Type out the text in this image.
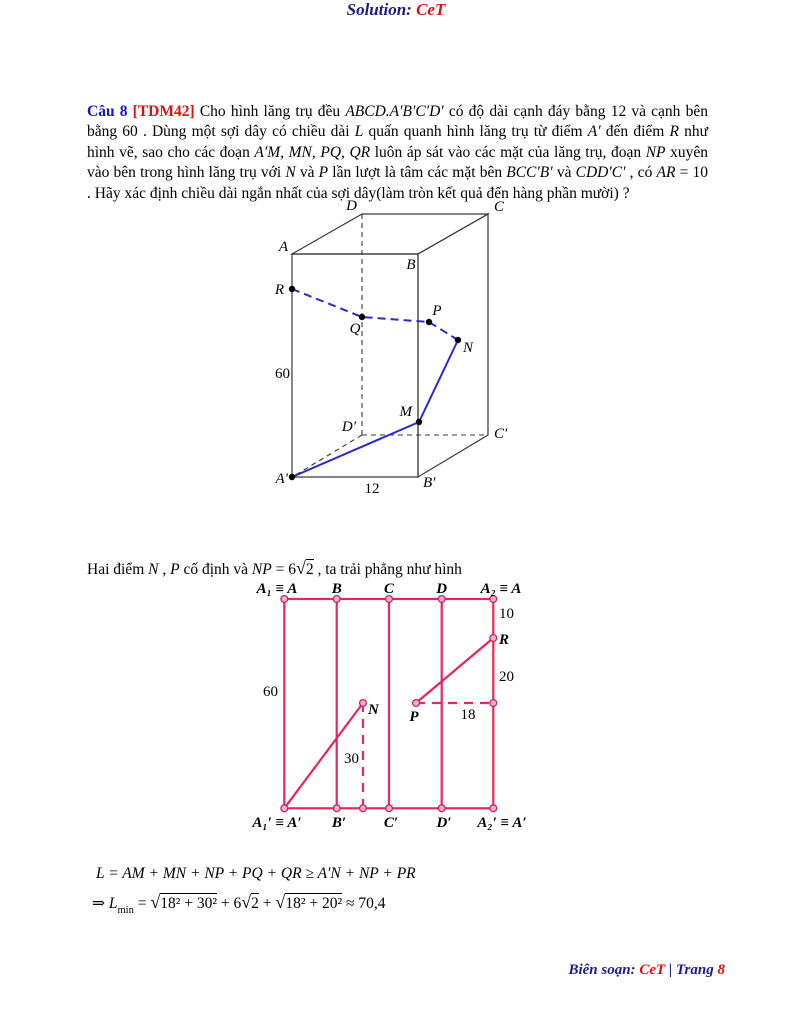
Câu 8 [TDM42] Cho hình lăng trụ đều ABCD.A′B′C′D′ có độ dài cạnh đáy bằng 12 và cạnh bên bằng 60 . Dùng một sợi dây có chiều dài L quấn quanh hình lăng trụ từ điểm A′ đến điểm R như hình vẽ, sao cho các đoạn A′M, MN, PQ, QR luôn áp sát vào các mặt của lăng trụ, đoạn NP xuyên vào bên trong hình lăng trụ với N và P lần lượt là tâm các mặt bên BCC′B′ và CDD′C′ , có AR = 10 . Hãy xác định chiều dài ngắn nhất của sợi dây(làm tròn kết quả đến hàng phần mười) ?

D	C
A
B
R
Q
P
N
M
D′	C′
A′	B′
60
12
Solution: CeT

Hai điểm N , P cố định và NP = 6√2 , ta trải phẳng như hình

A₁ ≡ A B	C	D A₂ ≡ A
A₁′ ≡ A′ B′	C′	D′ A₂′ ≡ A′
60
10
R
20
P
N	18
30

L = AM + MN + NP + PQ + QR ≥ A′N + NP + PR

⇒ $L_{min} = √18^2 + 30^2 + 6√2 + √18^2 + 20^2 \approx 70,4$

Biên soạn: CeT | Trang 8
